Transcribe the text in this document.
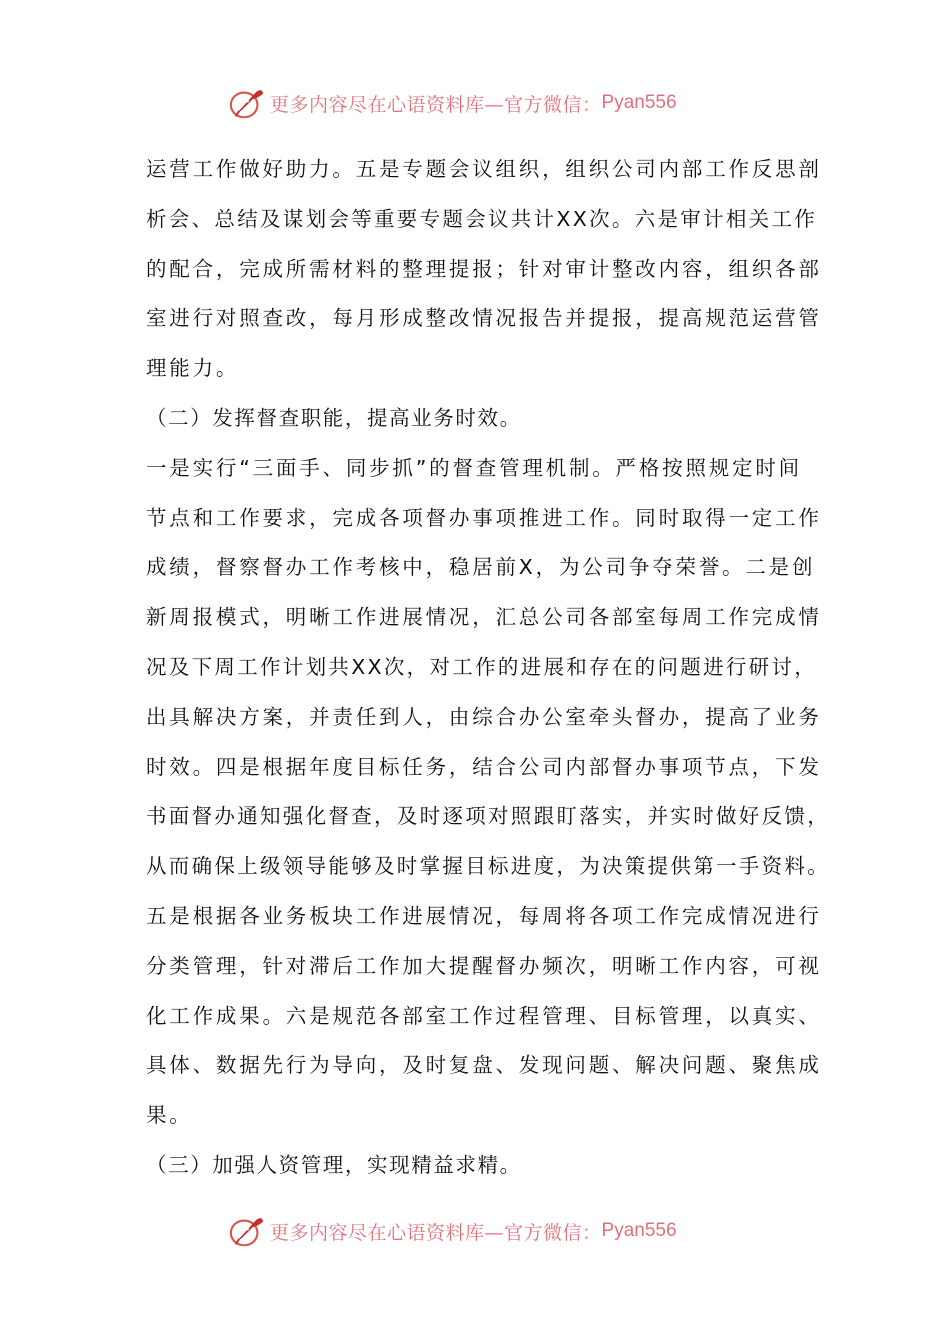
更多内容尽在心语资料库—官方微信： Pyan556
运营工作做好助力。五是专题会议组织，组织公司内部工作反思剖
析会、总结及谋划会等重要专题会议共计XX次。六是审计相关工作
的配合，完成所需材料的整理提报；针对审计整改内容，组织各部
室进行对照查改，每月形成整改情况报告并提报，提高规范运营管
理能力。
（二）发挥督查职能，提高业务时效。
一是实行“三面手、同步抓”的督查管理机制。严格按照规定时间
节点和工作要求，完成各项督办事项推进工作。同时取得一定工作
成绩，督察督办工作考核中，稳居前X，为公司争夺荣誉。二是创
新周报模式，明晰工作进展情况，汇总公司各部室每周工作完成情
况及下周工作计划共XX次，对工作的进展和存在的问题进行研讨，
出具解决方案，并责任到人，由综合办公室牵头督办，提高了业务
时效。四是根据年度目标任务，结合公司内部督办事项节点，下发
书面督办通知强化督查，及时逐项对照跟盯落实，并实时做好反馈，
从而确保上级领导能够及时掌握目标进度，为决策提供第一手资料。
五是根据各业务板块工作进展情况，每周将各项工作完成情况进行
分类管理，针对滞后工作加大提醒督办频次，明晰工作内容，可视
化工作成果。六是规范各部室工作过程管理、目标管理，以真实、
具体、数据先行为导向，及时复盘、发现问题、解决问题、聚焦成
果。
（三）加强人资管理，实现精益求精。
更多内容尽在心语资料库—官方微信： Pyan556
